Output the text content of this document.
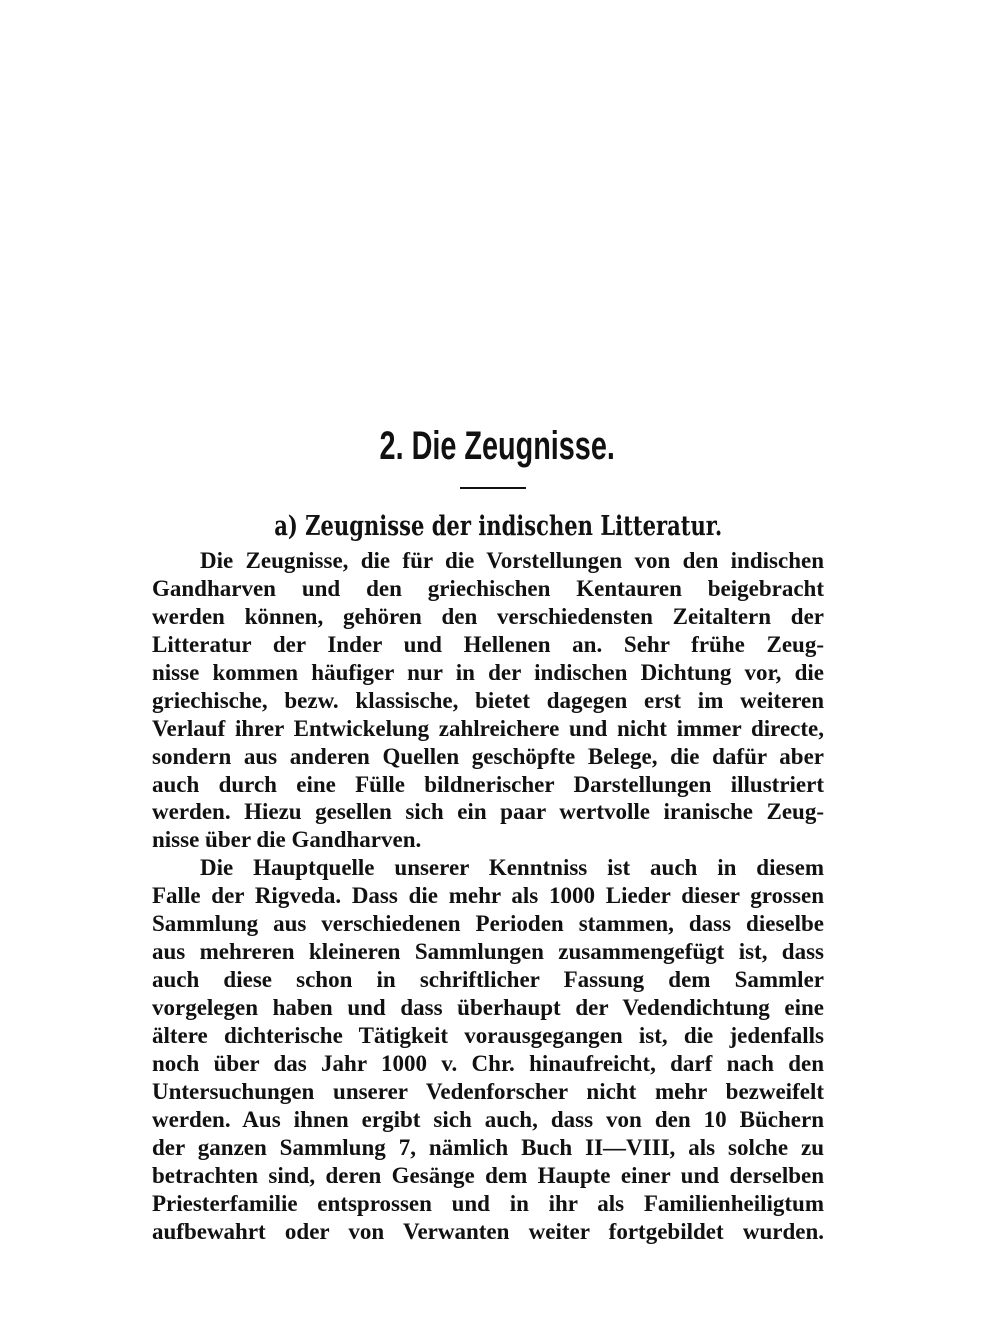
2. Die Zeugnisse.
a) Zeugnisse der indischen Litteratur.
Die Zeugnisse, die für die Vorstellungen von den indischen
Gandharven und den griechischen Kentauren beigebracht
werden können, gehören den verschiedensten Zeitaltern der
Litteratur der Inder und Hellenen an. Sehr frühe Zeug-
nisse kommen häufiger nur in der indischen Dichtung vor, die
griechische, bezw. klassische, bietet dagegen erst im weiteren
Verlauf ihrer Entwickelung zahlreichere und nicht immer directe,
sondern aus anderen Quellen geschöpfte Belege, die dafür aber
auch durch eine Fülle bildnerischer Darstellungen illustriert
werden. Hiezu gesellen sich ein paar wertvolle iranische Zeug-
nisse über die Gandharven.
Die Hauptquelle unserer Kenntniss ist auch in diesem
Falle der Rigveda. Dass die mehr als 1000 Lieder dieser grossen
Sammlung aus verschiedenen Perioden stammen, dass dieselbe
aus mehreren kleineren Sammlungen zusammengefügt ist, dass
auch diese schon in schriftlicher Fassung dem Sammler
vorgelegen haben und dass überhaupt der Vedendichtung eine
ältere dichterische Tätigkeit vorausgegangen ist, die jedenfalls
noch über das Jahr 1000 v. Chr. hinaufreicht, darf nach den
Untersuchungen unserer Vedenforscher nicht mehr bezweifelt
werden. Aus ihnen ergibt sich auch, dass von den 10 Büchern
der ganzen Sammlung 7, nämlich Buch II—VIII, als solche zu
betrachten sind, deren Gesänge dem Haupte einer und derselben
Priesterfamilie entsprossen und in ihr als Familienheiligtum
aufbewahrt oder von Verwanten weiter fortgebildet wurden.
